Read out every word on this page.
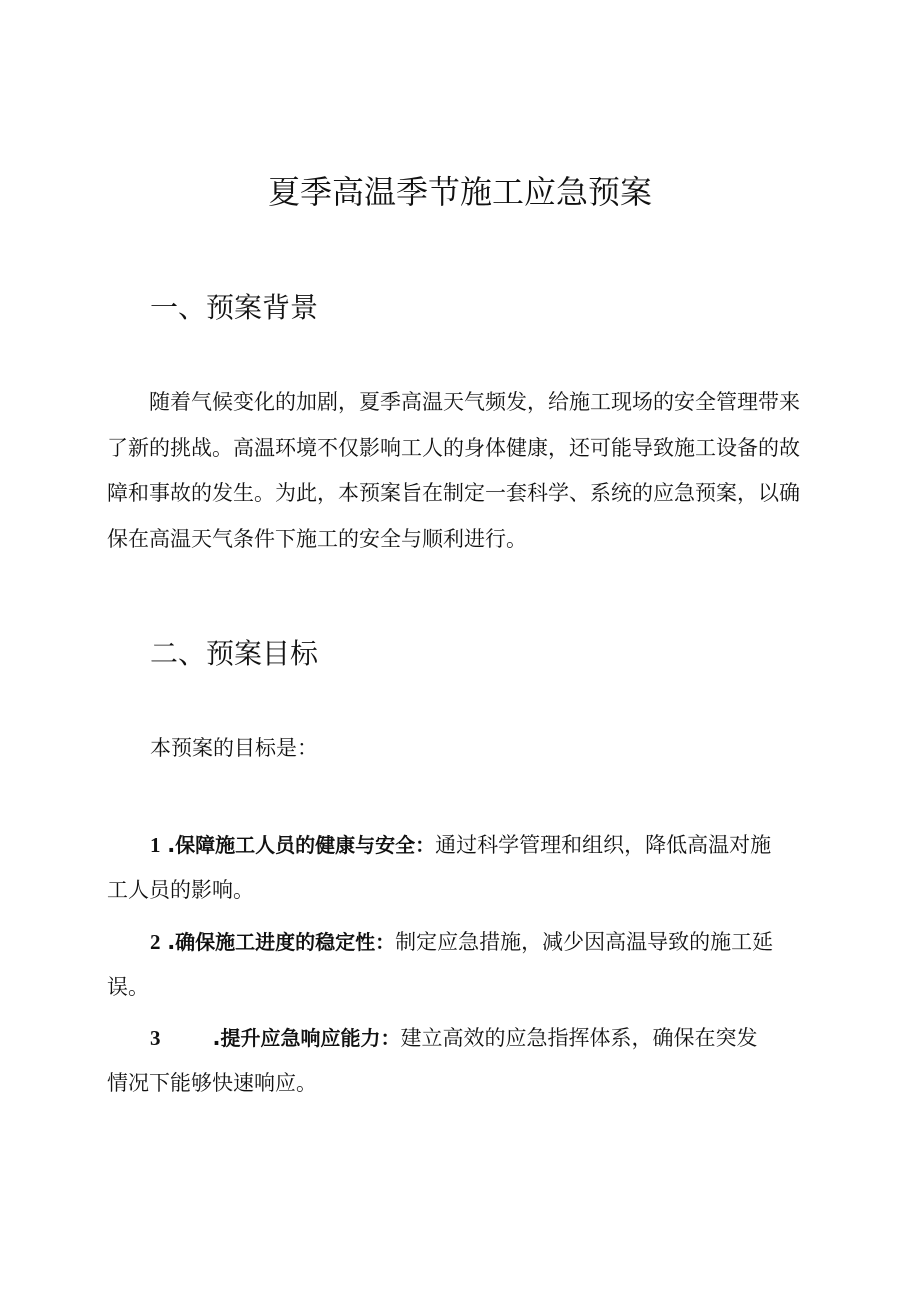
夏季高温季节施工应急预案
一、预案背景
随着气候变化的加剧，夏季高温天气频发，给施工现场的安全管理带来
了新的挑战。高温环境不仅影响工人的身体健康，还可能导致施工设备的故
障和事故的发生。为此，本预案旨在制定一套科学、系统的应急预案，以确
保在高温天气条件下施工的安全与顺利进行。
二、预案目标

本预案的目标是：

1 .保障施工人员的健康与安全：通过科学管理和组织，降低高温对施
工人员的影响。
2 .确保施工进度的稳定性：制定应急措施，减少因高温导致的施工延
误。
3 .提升应急响应能力：建立高效的应急指挥体系，确保在突发
情况下能够快速响应。
